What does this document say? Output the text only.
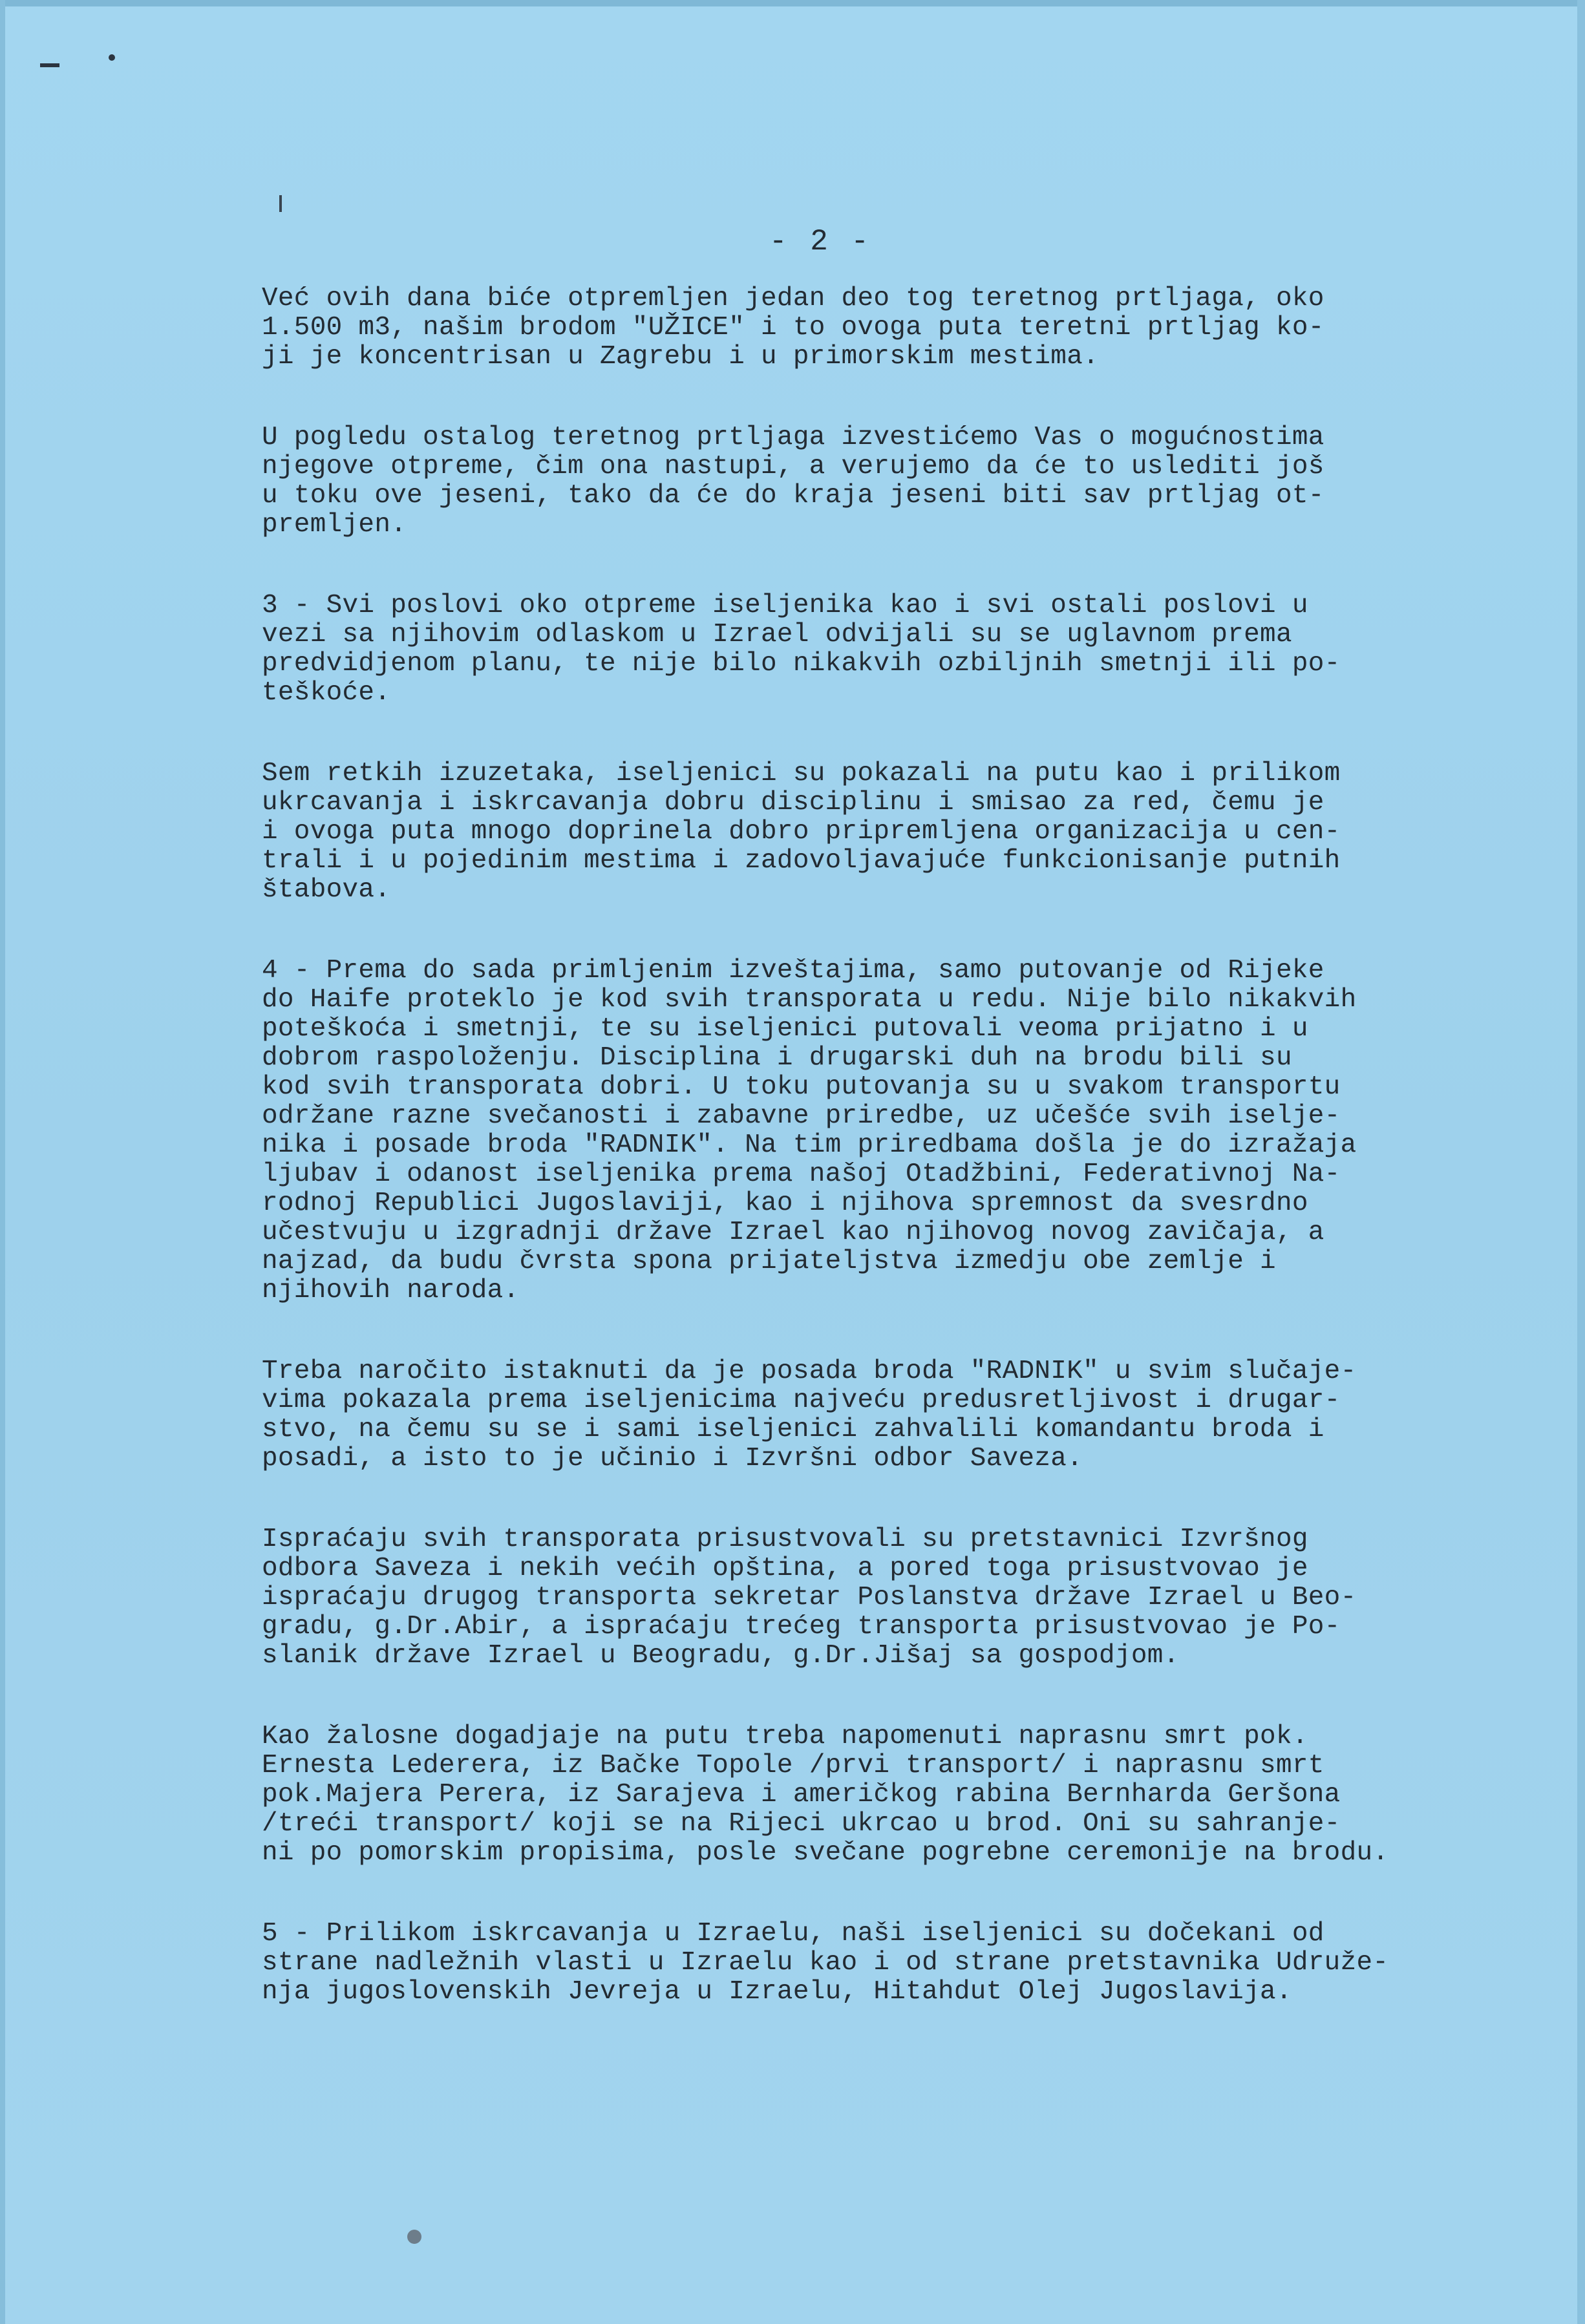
- 2 -
Već ovih dana biće otpremljen jedan deo tog teretnog prtljaga, oko
1.500 m3, našim brodom "UŽICE" i to ovoga puta teretni prtljag ko-
ji je koncentrisan u Zagrebu i u primorskim mestima.
U pogledu ostalog teretnog prtljaga izvestićemo Vas o mogućnostima
njegove otpreme, čim ona nastupi, a verujemo da će to uslediti još
u toku ove jeseni, tako da će do kraja jeseni biti sav prtljag ot-
premljen.
3 - Svi poslovi oko otpreme iseljenika kao i svi ostali poslovi u
vezi sa njihovim odlaskom u Izrael odvijali su se uglavnom prema
predvidjenom planu, te nije bilo nikakvih ozbiljnih smetnji ili po-
teškoće.
Sem retkih izuzetaka, iseljenici su pokazali na putu kao i prilikom
ukrcavanja i iskrcavanja dobru disciplinu i smisao za red, čemu je
i ovoga puta mnogo doprinela dobro pripremljena organizacija u cen-
trali i u pojedinim mestima i zadovoljavajuće funkcionisanje putnih
štabova.
4 - Prema do sada primljenim izveštajima, samo putovanje od Rijeke
do Haife proteklo je kod svih transporata u redu. Nije bilo nikakvih
poteškoća i smetnji, te su iseljenici putovali veoma prijatno i u
dobrom raspoloženju. Disciplina i drugarski duh na brodu bili su
kod svih transporata dobri. U toku putovanja su u svakom transportu
održane razne svečanosti i zabavne priredbe, uz učešće svih iselje-
nika i posade broda "RADNIK". Na tim priredbama došla je do izražaja
ljubav i odanost iseljenika prema našoj Otadžbini, Federativnoj Na-
rodnoj Republici Jugoslaviji, kao i njihova spremnost da svesrdno
učestvuju u izgradnji države Izrael kao njihovog novog zavičaja, a
najzad, da budu čvrsta spona prijateljstva izmedju obe zemlje i
njihovih naroda.
Treba naročito istaknuti da je posada broda "RADNIK" u svim slučaje-
vima pokazala prema iseljenicima najveću predusretljivost i drugar-
stvo, na čemu su se i sami iseljenici zahvalili komandantu broda i
posadi, a isto to je učinio i Izvršni odbor Saveza.
Ispraćaju svih transporata prisustvovali su pretstavnici Izvršnog
odbora Saveza i nekih većih opština, a pored toga prisustvovao je
ispraćaju drugog transporta sekretar Poslanstva države Izrael u Beo-
gradu, g.Dr.Abir, a ispraćaju trećeg transporta prisustvovao je Po-
slanik države Izrael u Beogradu, g.Dr.Jišaj sa gospodjom.
Kao žalosne dogadjaje na putu treba napomenuti naprasnu smrt pok.
Ernesta Lederera, iz Bačke Topole /prvi transport/ i naprasnu smrt
pok.Majera Perera, iz Sarajeva i američkog rabina Bernharda Geršona
/treći transport/ koji se na Rijeci ukrcao u brod. Oni su sahranje-
ni po pomorskim propisima, posle svečane pogrebne ceremonije na brodu.
5 - Prilikom iskrcavanja u Izraelu, naši iseljenici su dočekani od
strane nadležnih vlasti u Izraelu kao i od strane pretstavnika Udruže-
nja jugoslovenskih Jevreja u Izraelu, Hitahdut Olej Jugoslavija.
